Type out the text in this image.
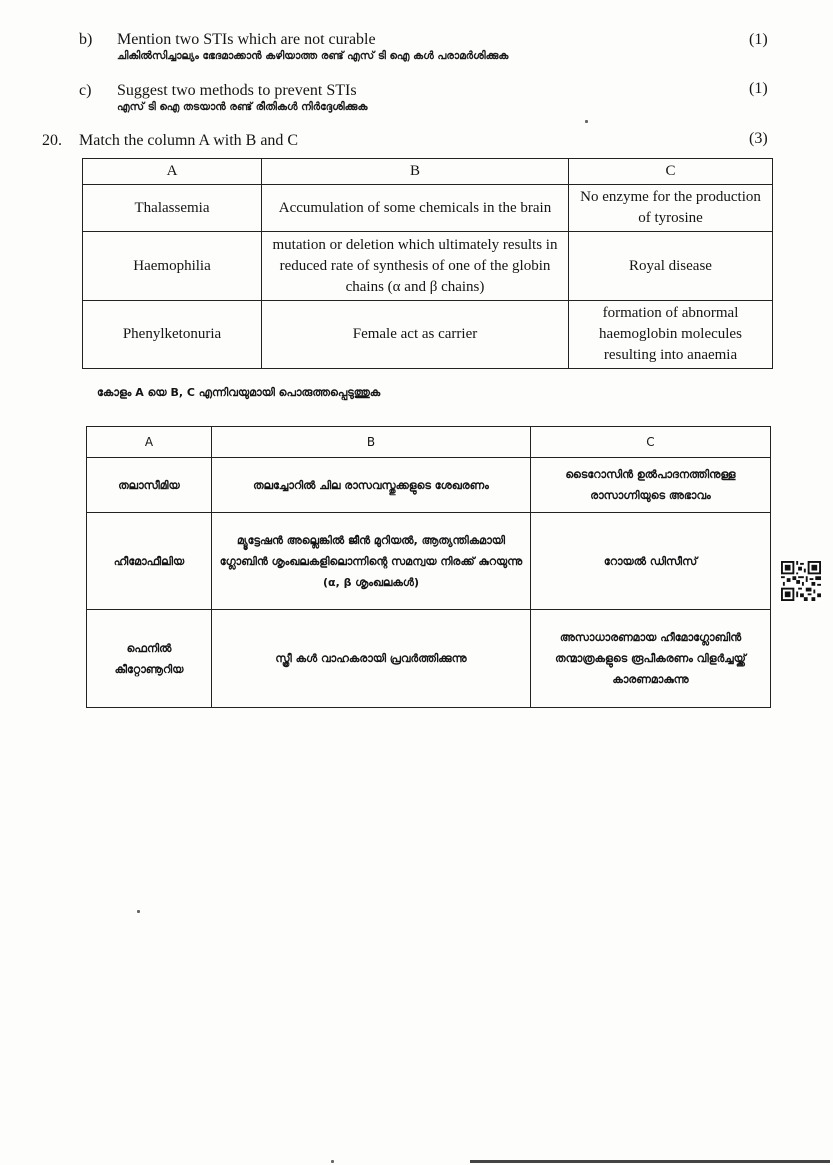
b) Mention two STIs which are not curable
ചികിൽസിച്ചാല്യം ഭേദമാക്കാൻ കഴിയാത്ത രണ്ട് എസ് ടി ഐ കൾ പരാമർശിക്കുക
(1)
c) Suggest two methods to prevent STIs
എസ് ടി ഐ തടയാൻ രണ്ട് രീതികൾ നിർദ്ദേശിക്കുക
(1)
20. Match the column A with B and C	(3)
A	B	C
Thalassemia	Accumulation of some chemicals in the brain	No enzyme for the production of tyrosine
Haemophilia	mutation or deletion which ultimately results in reduced rate of synthesis of one of the globin chains (α and β chains)	Royal disease
Phenylketonuria	Female act as carrier	formation of abnormal haemoglobin molecules resulting into anaemia
കോളം A യെ B, C എന്നിവയുമായി പൊരുത്തപ്പെടുത്തുക
A	B	C
തലാസീമിയ	തലച്ചോറിൽ ചില രാസവസ്തുക്കളുടെ ശേഖരണം	ടൈറോസിൻ ഉൽപാദനത്തിനുള്ള രാസാഗ്നിയുടെ അഭാവം
ഹീമോഫീലിയ	മ്യൂട്ടേഷൻ അല്ലെങ്കിൽ ജീൻ മുറിയൽ, ആത്യന്തികമായി ഗ്ലോബിൻ ശൃംഖലകളിലൊന്നിന്റെ സമന്വയ നിരക്ക് കുറയുന്നു (α, β ശൃംഖലകൾ)	റോയൽ ഡിസീസ്
ഫെനിൽ കീറ്റോണൂറിയ	സ്ത്രീ കൾ വാഹകരായി പ്രവർത്തിക്കുന്നു	അസാധാരണമായ ഹീമോഗ്ലോബിൻ തന്മാത്രകളുടെ രൂപീകരണം വിളർച്ചയ്ക്ക് കാരണമാകുന്നു
